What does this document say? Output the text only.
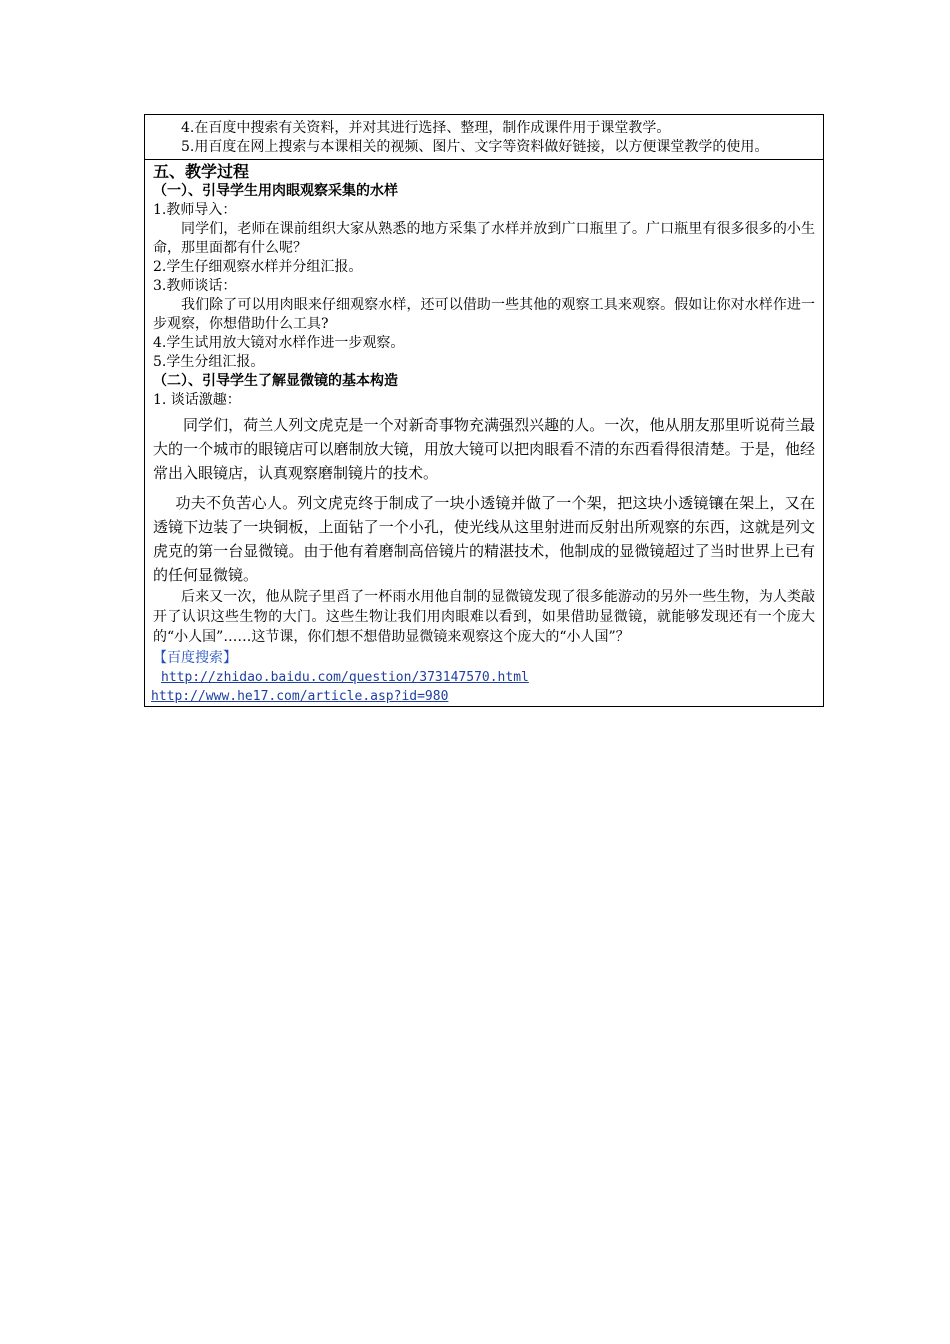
4.在百度中搜索有关资料，并对其进行选择、整理，制作成课件用于课堂教学。

5.用百度在网上搜索与本课相关的视频、图片、文字等资料做好链接，以方便课堂教学的使用。

五、教学过程

（一）、引导学生用肉眼观察采集的水样

1.教师导入：

同学们，老师在课前组织大家从熟悉的地方采集了水样并放到广口瓶里了。广口瓶里有很多很多的小生命，那里面都有什么呢？

2.学生仔细观察水样并分组汇报。

3.教师谈话：

我们除了可以用肉眼来仔细观察水样，还可以借助一些其他的观察工具来观察。假如让你对水样作进一步观察，你想借助什么工具?

4.学生试用放大镜对水样作进一步观察。

5.学生分组汇报。

（二）、引导学生了解显微镜的基本构造

1. 谈话激趣：

同学们，荷兰人列文虎克是一个对新奇事物充满强烈兴趣的人。一次，他从朋友那里听说荷兰最大的一个城市的眼镜店可以磨制放大镜，用放大镜可以把肉眼看不清的东西看得很清楚。于是，他经常出入眼镜店，认真观察磨制镜片的技术。

功夫不负苦心人。列文虎克终于制成了一块小透镜并做了一个架，把这块小透镜镶在架上，又在透镜下边装了一块铜板，上面钻了一个小孔，使光线从这里射进而反射出所观察的东西，这就是列文虎克的第一台显微镜。由于他有着磨制高倍镜片的精湛技术，他制成的显微镜超过了当时世界上已有的任何显微镜。

后来又一次，他从院子里舀了一杯雨水用他自制的显微镜发现了很多能游动的另外一些生物，为人类敲开了认识这些生物的大门。这些生物让我们用肉眼难以看到，如果借助显微镜，就能够发现还有一个庞大的“小人国”……这节课，你们想不想借助显微镜来观察这个庞大的“小人国”？

【百度搜索】

http://zhidao.baidu.com/question/373147570.html

http://www.he17.com/article.asp?id=980
